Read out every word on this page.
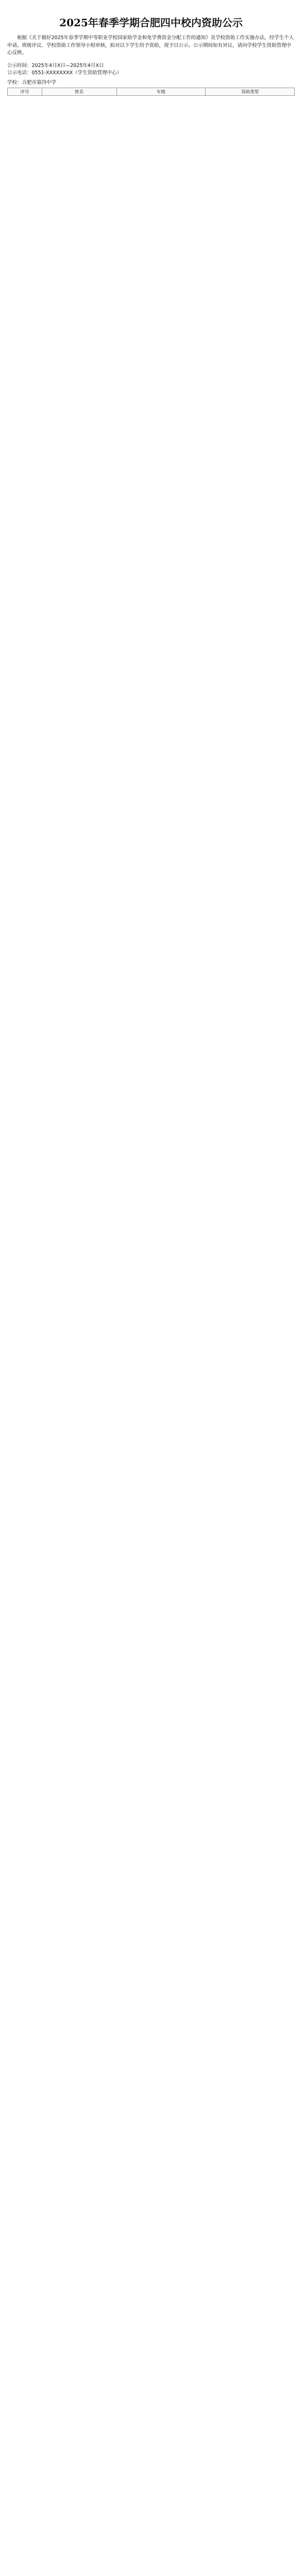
2025年春季学期合肥四中校内资助公示

根据《关于做好2025年春季学期中等职业学校国家助学金和免学费资金分配工作的通知》及学校资助工作实施办法，经学生个人申请、班级评议、学校资助工作领导小组审核，拟对以下学生给予资助，现予以公示。公示期间如有异议，请向学校学生资助管理中心反映。

公示时间：2025年4月X日—2025年4月X日

公示电话：0551-XXXXXXXX（学生资助管理中心）

学校：合肥市第四中学

序号	姓名	年级	资助类型
